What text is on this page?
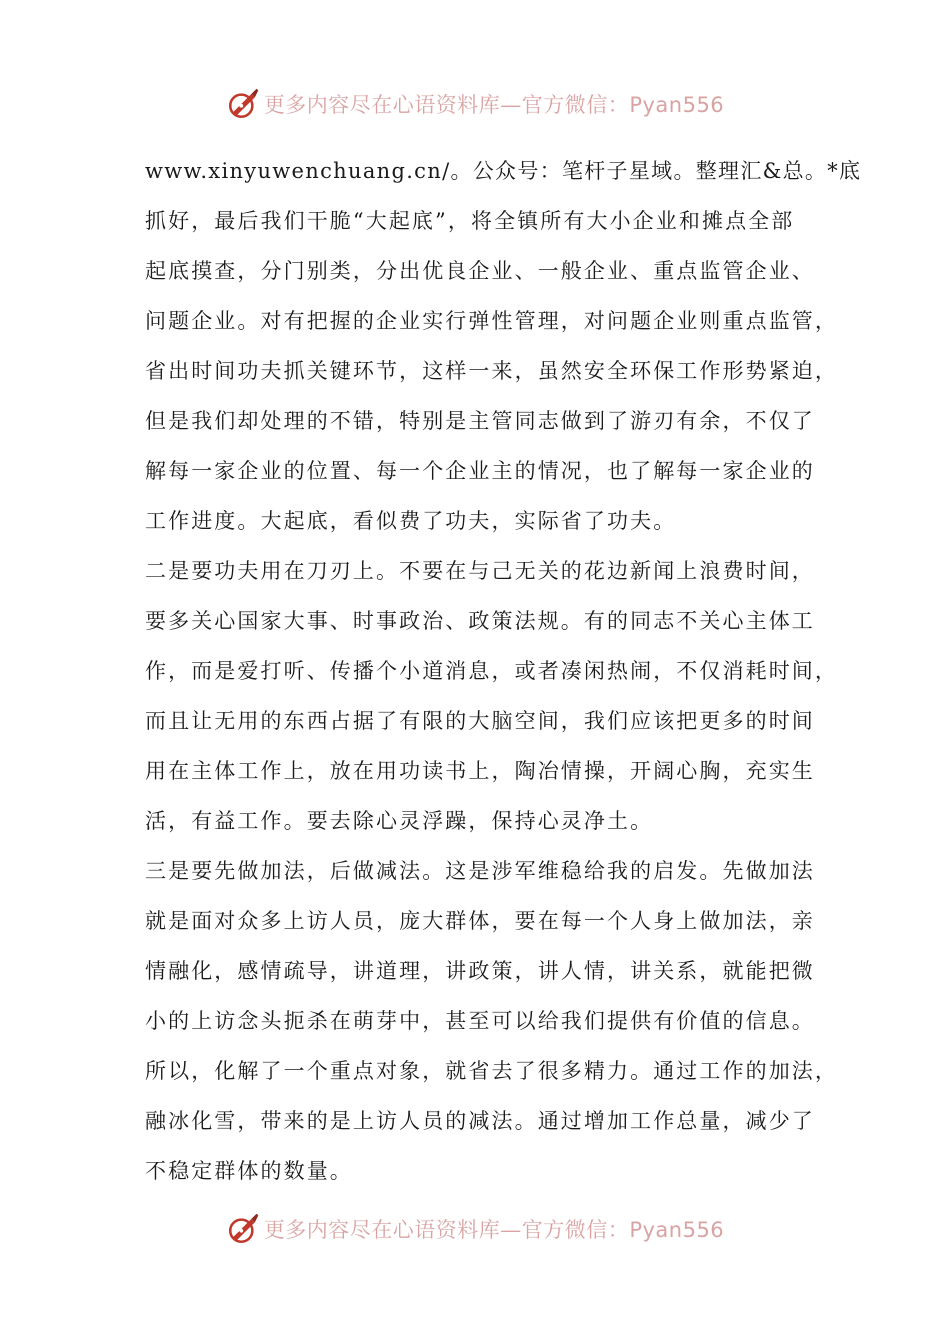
更多内容尽在心语资料库—官方微信：Pyan556
www.xinyuwenchuang.cn/。公众号：笔杆子星域。整理汇&总。*底
抓好，最后我们干脆“大起底”，将全镇所有大小企业和摊点全部
起底摸查，分门别类，分出优良企业、一般企业、重点监管企业、
问题企业。对有把握的企业实行弹性管理，对问题企业则重点监管，
省出时间功夫抓关键环节，这样一来，虽然安全环保工作形势紧迫，
但是我们却处理的不错，特别是主管同志做到了游刃有余，不仅了
解每一家企业的位置、每一个企业主的情况，也了解每一家企业的
工作进度。大起底，看似费了功夫，实际省了功夫。
二是要功夫用在刀刃上。不要在与己无关的花边新闻上浪费时间，
要多关心国家大事、时事政治、政策法规。有的同志不关心主体工
作，而是爱打听、传播个小道消息，或者凑闲热闹，不仅消耗时间，
而且让无用的东西占据了有限的大脑空间，我们应该把更多的时间
用在主体工作上，放在用功读书上，陶冶情操，开阔心胸，充实生
活，有益工作。要去除心灵浮躁，保持心灵净土。
三是要先做加法，后做减法。这是涉军维稳给我的启发。先做加法
就是面对众多上访人员，庞大群体，要在每一个人身上做加法，亲
情融化，感情疏导，讲道理，讲政策，讲人情，讲关系，就能把微
小的上访念头扼杀在萌芽中，甚至可以给我们提供有价值的信息。
所以，化解了一个重点对象，就省去了很多精力。通过工作的加法，
融冰化雪，带来的是上访人员的减法。通过增加工作总量，减少了
不稳定群体的数量。
更多内容尽在心语资料库—官方微信：Pyan556
